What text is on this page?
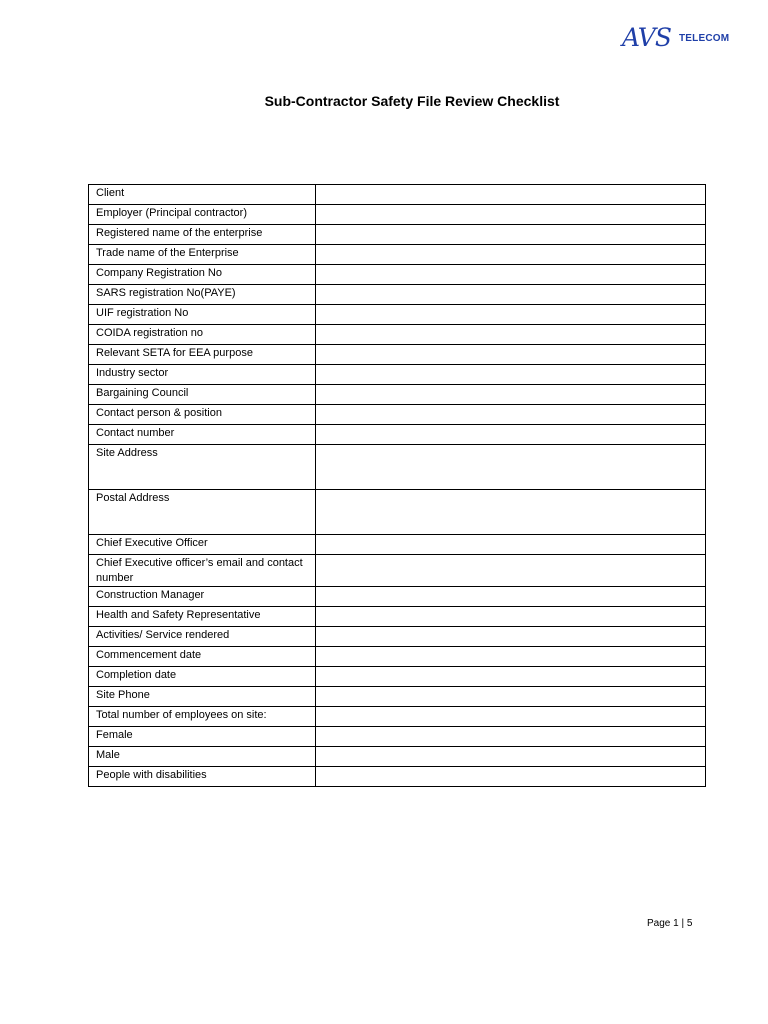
AVS TELECOM
Sub-Contractor Safety File Review Checklist
Client	
Employer (Principal contractor)	
Registered name of the enterprise	
Trade name of the Enterprise	
Company Registration No	
SARS registration No(PAYE)	
UIF registration No	
COIDA registration no	
Relevant SETA for EEA purpose	
Industry sector	
Bargaining Council	
Contact person & position	
Contact number	
Site Address	
Postal Address	
Chief Executive Officer	
Chief Executive officer’s email and contact number	
Construction Manager	
Health and Safety Representative	
Activities/ Service rendered	
Commencement date	
Completion date	
Site Phone	
Total number of employees on site:	
Female	
Male	
People with disabilities	
Page 1 | 5
